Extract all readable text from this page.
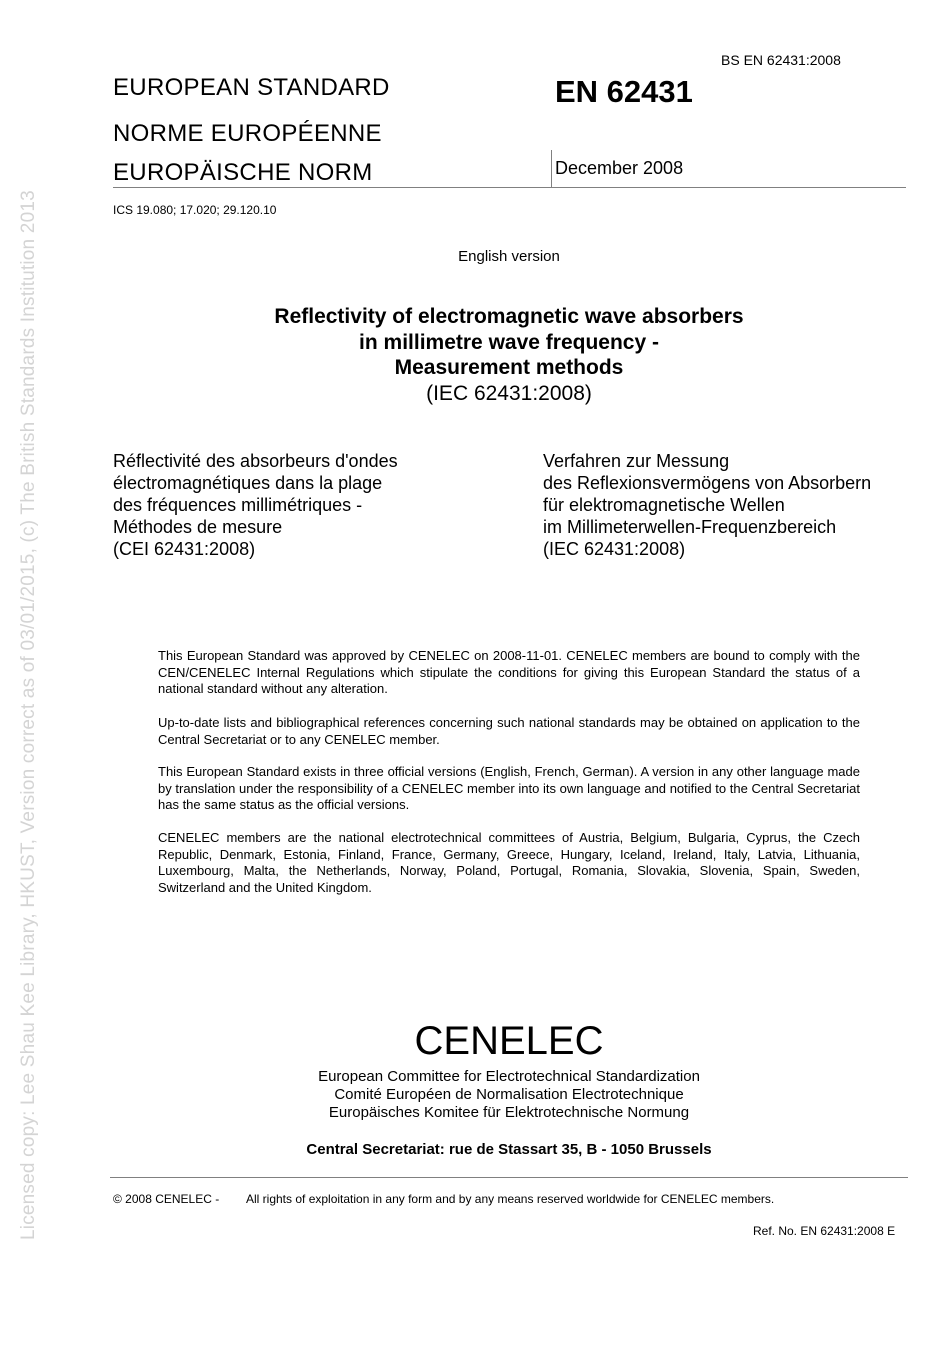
Licensed copy: Lee Shau Kee Library, HKUST, Version correct as of 03/01/2015, (c) The British Standards Institution 2013
BS EN 62431:2008
EUROPEAN STANDARD
NORME EUROPÉENNE
EUROPÄISCHE NORM
EN 62431
December 2008
ICS 19.080; 17.020; 29.120.10
English version
Reflectivity of electromagnetic wave absorbers
in millimetre wave frequency -
Measurement methods
(IEC 62431:2008)
Réflectivité des absorbeurs d'ondes
électromagnétiques dans la plage
des fréquences millimétriques -
Méthodes de mesure
(CEI 62431:2008)
Verfahren zur Messung
des Reflexionsvermögens von Absorbern
für elektromagnetische Wellen
im Millimeterwellen-Frequenzbereich
(IEC 62431:2008)
This European Standard was approved by CENELEC on 2008-11-01. CENELEC members are bound to comply with the CEN/CENELEC Internal Regulations which stipulate the conditions for giving this European Standard the status of a national standard without any alteration.
Up-to-date lists and bibliographical references concerning such national standards may be obtained on application to the Central Secretariat or to any CENELEC member.
This European Standard exists in three official versions (English, French, German). A version in any other language made by translation under the responsibility of a CENELEC member into its own language and notified to the Central Secretariat has the same status as the official versions.
CENELEC members are the national electrotechnical committees of Austria, Belgium, Bulgaria, Cyprus, the Czech Republic, Denmark, Estonia, Finland, France, Germany, Greece, Hungary, Iceland, Ireland, Italy, Latvia, Lithuania, Luxembourg, Malta, the Netherlands, Norway, Poland, Portugal, Romania, Slovakia, Slovenia, Spain, Sweden, Switzerland and the United Kingdom.
CENELEC
European Committee for Electrotechnical Standardization
Comité Européen de Normalisation Electrotechnique
Europäisches Komitee für Elektrotechnische Normung
Central Secretariat: rue de Stassart 35, B - 1050 Brussels
© 2008 CENELEC - All rights of exploitation in any form and by any means reserved worldwide for CENELEC members.
Ref. No. EN 62431:2008 E
